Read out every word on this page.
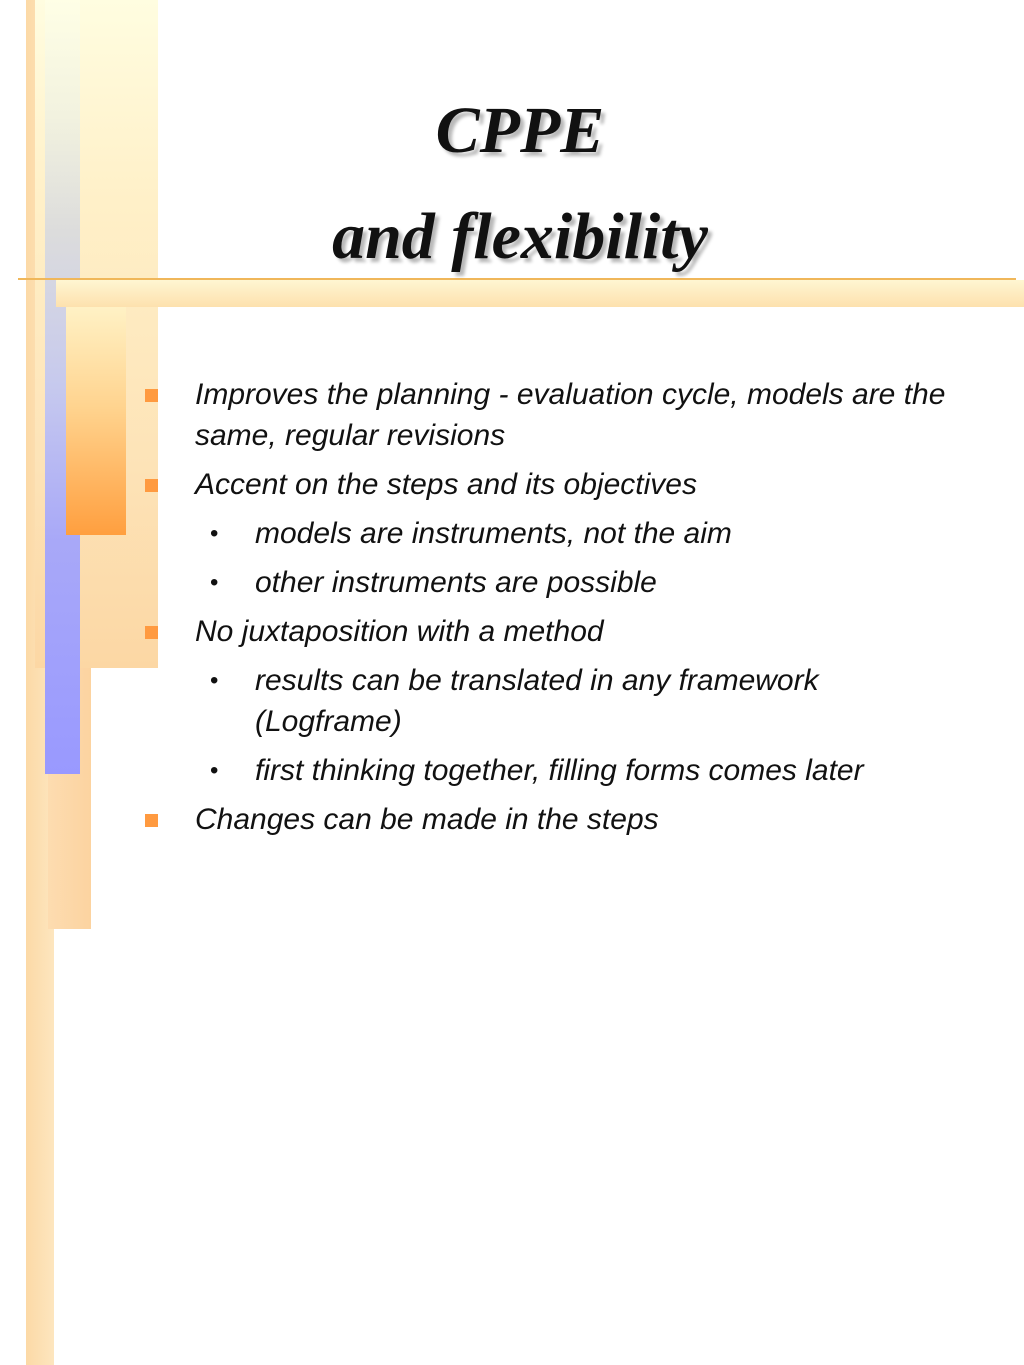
CPPE
and flexibility
Improves the planning - evaluation cycle, models are the same, regular revisions
Accent on the steps and its objectives
• models are instruments, not the aim
• other instruments are possible
No juxtaposition with a method
• results can be translated in any framework (Logframe)
• first thinking together, filling forms comes later
Changes can be made in the steps
